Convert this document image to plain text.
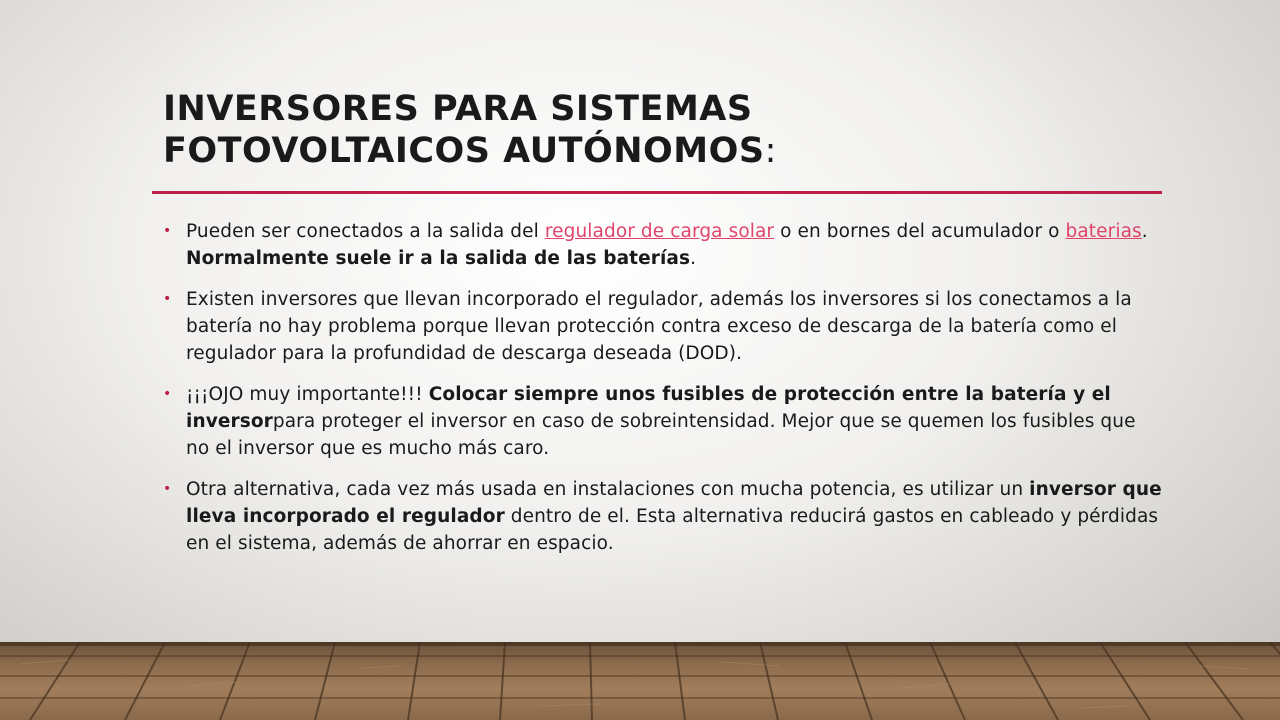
INVERSORES PARA SISTEMAS
FOTOVOLTAICOS AUTÓNOMOS:
• Pueden ser conectados a la salida del regulador de carga solar o en bornes del acumulador o baterias. Normalmente suele ir a la salida de las baterías.
• Existen inversores que llevan incorporado el regulador, además los inversores si los conectamos a la batería no hay problema porque llevan protección contra exceso de descarga de la batería como el regulador para la profundidad de descarga deseada (DOD).
• ¡¡¡OJO muy importante!!! Colocar siempre unos fusibles de protección entre la batería y el inversorpara proteger el inversor en caso de sobreintensidad. Mejor que se quemen los fusibles que no el inversor que es mucho más caro.
• Otra alternativa, cada vez más usada en instalaciones con mucha potencia, es utilizar un inversor que lleva incorporado el regulador dentro de el. Esta alternativa reducirá gastos en cableado y pérdidas en el sistema, además de ahorrar en espacio.
